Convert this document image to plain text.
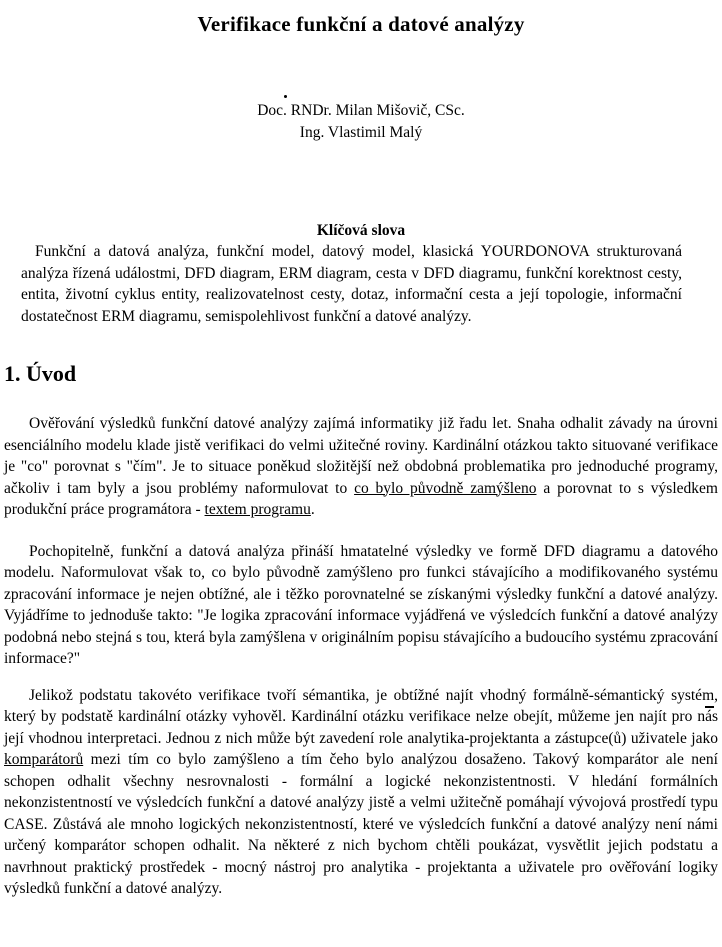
Verifikace funkční a datové analýzy
Doc. RNDr. Milan Mišovič, CSc.
Ing. Vlastimil Malý
Klíčová slova
Funkční a datová analýza, funkční model, datový model, klasická YOURDONOVA strukturovaná analýza řízená událostmi, DFD diagram, ERM diagram, cesta v DFD diagramu, funkční korektnost cesty, entita, životní cyklus entity, realizovatelnost cesty, dotaz, informační cesta a její topologie, informační dostatečnost ERM diagramu, semispolehlivost funkční a datové analýzy.
1. Úvod

Ověřování výsledků funkční datové analýzy zajímá informatiky již řadu let. Snaha odhalit závady na úrovni esenciálního modelu klade jistě verifikaci do velmi užitečné roviny. Kardinální otázkou takto situované verifikace je "co" porovnat s "čím". Je to situace poněkud složitější než obdobná problematika pro jednoduché programy, ačkoliv i tam byly a jsou problémy naformulovat to co bylo původně zamýšleno a porovnat to s výsledkem produkční práce programátora - textem programu.

Pochopitelně, funkční a datová analýza přináší hmatatelné výsledky ve formě DFD diagramu a datového modelu. Naformulovat však to, co bylo původně zamýšleno pro funkci stávajícího a modifikovaného systému zpracování informace je nejen obtížné, ale i těžko porovnatelné se získanými výsledky funkční a datové analýzy. Vyjádříme to jednoduše takto: "Je logika zpracování informace vyjádřená ve výsledcích funkční a datové analýzy podobná nebo stejná s tou, která byla zamýšlena v originálním popisu stávajícího a budoucího systému zpracování informace?"

Jelikož podstatu takovéto verifikace tvoří sémantika, je obtížné najít vhodný formálně-sémantický systém, který by podstatě kardinální otázky vyhověl. Kardinální otázku verifikace nelze obejít, můžeme jen najít pro nás její vhodnou interpretaci. Jednou z nich může být zavedení role analytika-projektanta a zástupce(ů) uživatele jako komparátorů mezi tím co bylo zamýšleno a tím čeho bylo analýzou dosaženo. Takový komparátor ale není schopen odhalit všechny nesrovnalosti - formální a logické nekonzistentnosti. V hledání formálních nekonzistentností ve výsledcích funkční a datové analýzy jistě a velmi užitečně pomáhají vývojová prostředí typu CASE. Zůstává ale mnoho logických nekonzistentností, které ve výsledcích funkční a datové analýzy není námi určený komparátor schopen odhalit. Na některé z nich bychom chtěli poukázat, vysvětlit jejich podstatu a navrhnout praktický prostředek - mocný nástroj pro analytika - projektanta a uživatele pro ověřování logiky výsledků funkční a datové analýzy.
